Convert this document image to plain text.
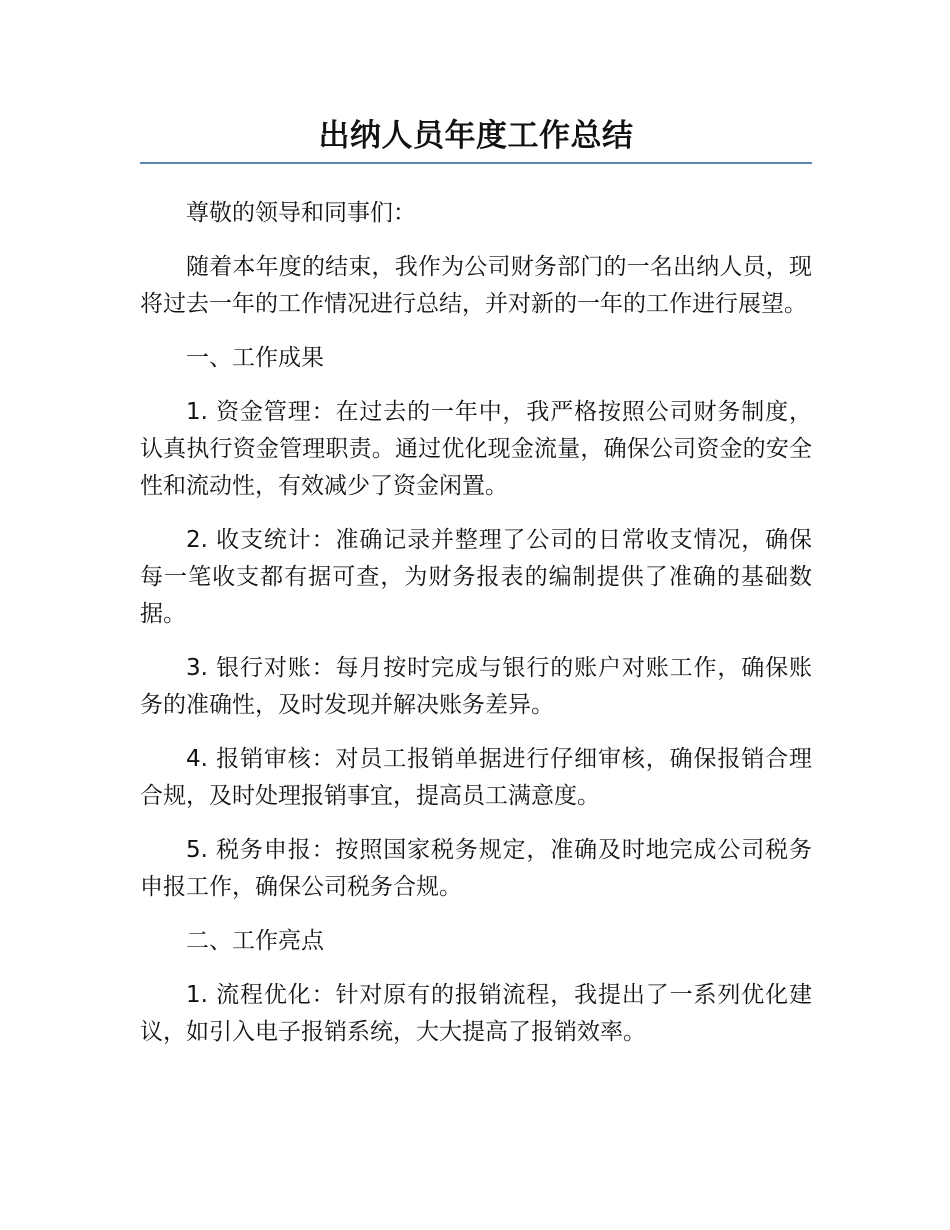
出纳人员年度工作总结

尊敬的领导和同事们：

随着本年度的结束，我作为公司财务部门的一名出纳人员，现将过去一年的工作情况进行总结，并对新的一年的工作进行展望。

一、工作成果

1. 资金管理：在过去的一年中，我严格按照公司财务制度，认真执行资金管理职责。通过优化现金流量，确保公司资金的安全性和流动性，有效减少了资金闲置。

2. 收支统计：准确记录并整理了公司的日常收支情况，确保每一笔收支都有据可查，为财务报表的编制提供了准确的基础数据。

3. 银行对账：每月按时完成与银行的账户对账工作，确保账务的准确性，及时发现并解决账务差异。

4. 报销审核：对员工报销单据进行仔细审核，确保报销合理合规，及时处理报销事宜，提高员工满意度。

5. 税务申报：按照国家税务规定，准确及时地完成公司税务申报工作，确保公司税务合规。

二、工作亮点

1. 流程优化：针对原有的报销流程，我提出了一系列优化建议，如引入电子报销系统，大大提高了报销效率。
